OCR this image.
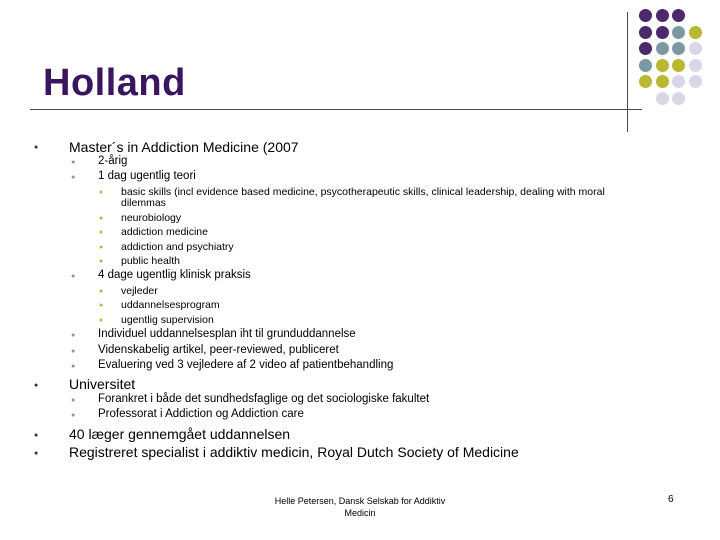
Holland
● Master´s in Addiction Medicine (2007
● 2-årig
● 1 dag ugentlig teori
● basic skills (incl evidence based medicine, psycotherapeutic skills, clinical leadership, dealing with moral
dilemmas
● neurobiology
● addiction medicine
● addiction and psychiatry
● public health
● 4 dage ugentlig klinisk praksis
● vejleder
● uddannelsesprogram
● ugentlig supervision
● Individuel uddannelsesplan iht til grunduddannelse
● Videnskabelig artikel, peer-reviewed, publiceret
● Evaluering ved 3 vejledere af 2 video af patientbehandling
● Universitet
● Forankret i både det sundhedsfaglige og det sociologiske fakultet
● Professorat i Addiction og Addiction care
● 40 læger gennemgået uddannelsen
● Registreret specialist i addiktiv medicin, Royal Dutch Society of Medicine
Helle Petersen, Dansk Selskab for Addiktiv
Medicin
6
